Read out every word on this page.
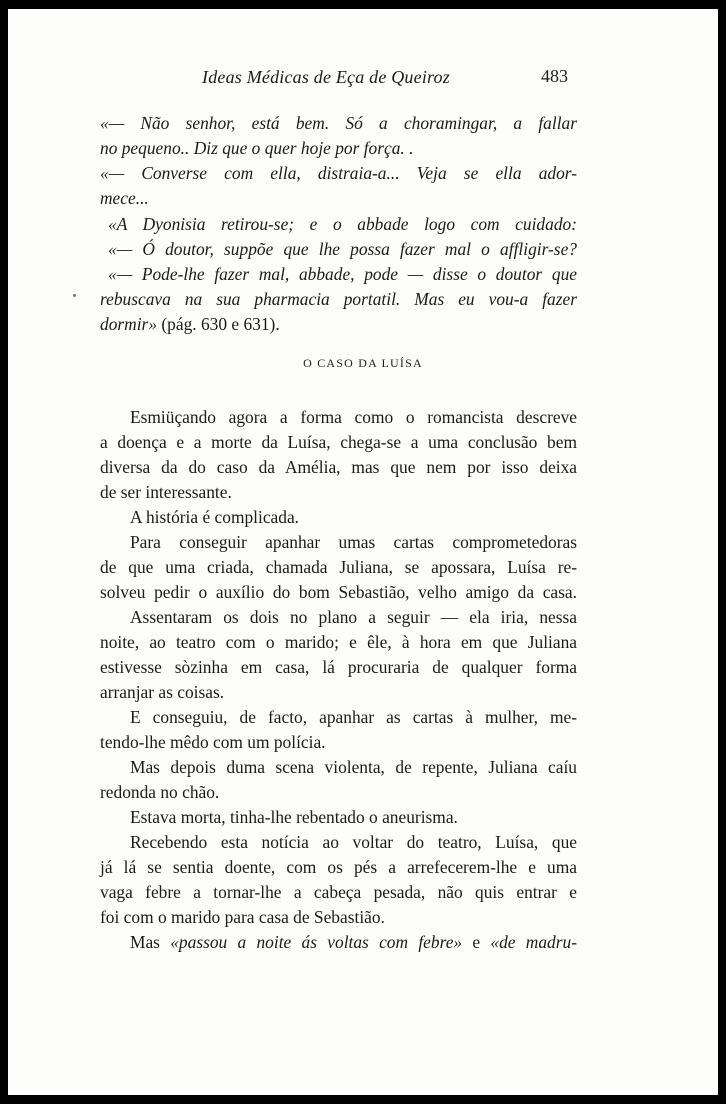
Ideas Médicas de Eça de Queiroz	483
«— Não senhor, está bem. Só a choramingar, a fallar
no pequeno.. Diz que o quer hoje por força. .
«— Converse com ella, distraia-a... Veja se ella ador-
mece...
«A Dyonisia retirou-se; e o abbade logo com cuidado:
«— Ó doutor, suppõe que lhe possa fazer mal o affligir-se?
«— Pode-lhe fazer mal, abbade, pode — disse o doutor que
rebuscava na sua pharmacia portatil. Mas eu vou-a fazer
dormir» (pág. 630 e 631).
O CASO DA LUÍSA
Esmiüçando agora a forma como o romancista descreve
a doença e a morte da Luísa, chega-se a uma conclusão bem
diversa da do caso da Amélia, mas que nem por isso deixa
de ser interessante.
A história é complicada.
Para conseguir apanhar umas cartas comprometedoras
de que uma criada, chamada Juliana, se apossara, Luísa re-
solveu pedir o auxílio do bom Sebastião, velho amigo da casa.
Assentaram os dois no plano a seguir — ela iria, nessa
noite, ao teatro com o marido; e êle, à hora em que Juliana
estivesse sòzinha em casa, lá procuraria de qualquer forma
arranjar as coisas.
E conseguiu, de facto, apanhar as cartas à mulher, me-
tendo-lhe mêdo com um polícia.
Mas depois duma scena violenta, de repente, Juliana caíu
redonda no chão.
Estava morta, tinha-lhe rebentado o aneurisma.
Recebendo esta notícia ao voltar do teatro, Luísa, que
já lá se sentia doente, com os pés a arrefecerem-lhe e uma
vaga febre a tornar-lhe a cabeça pesada, não quis entrar e
foi com o marido para casa de Sebastião.
Mas «passou a noite ás voltas com febre» e «de madru-
